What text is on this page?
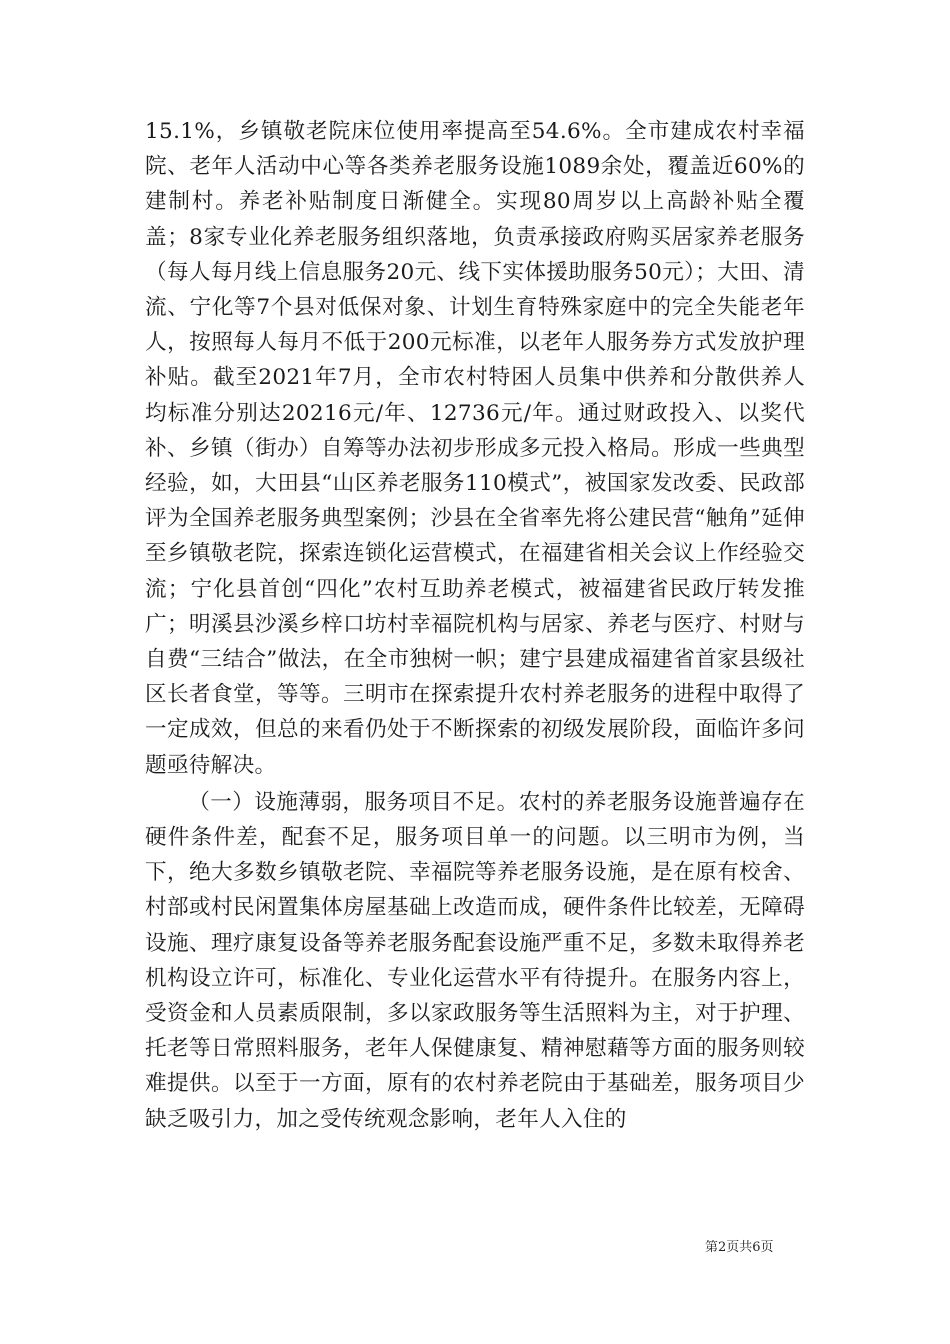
15.1%，乡镇敬老院床位使用率提高至54.6%。全市建成农村幸福院、老年人活动中心等各类养老服务设施1089余处，覆盖近60%的建制村。养老补贴制度日渐健全。实现80周岁以上高龄补贴全覆盖；8家专业化养老服务组织落地，负责承接政府购买居家养老服务（每人每月线上信息服务20元、线下实体援助服务50元）；大田、清流、宁化等7个县对低保对象、计划生育特殊家庭中的完全失能老年人，按照每人每月不低于200元标准，以老年人服务券方式发放护理补贴。截至2021年7月，全市农村特困人员集中供养和分散供养人均标准分别达20216元/年、12736元/年。通过财政投入、以奖代补、乡镇（街办）自筹等办法初步形成多元投入格局。形成一些典型经验，如，大田县“山区养老服务110模式”，被国家发改委、民政部评为全国养老服务典型案例；沙县在全省率先将公建民营“触角”延伸至乡镇敬老院，探索连锁化运营模式，在福建省相关会议上作经验交流；宁化县首创“四化”农村互助养老模式，被福建省民政厅转发推广；明溪县沙溪乡梓口坊村幸福院机构与居家、养老与医疗、村财与自费“三结合”做法，在全市独树一帜；建宁县建成福建省首家县级社区长者食堂，等等。三明市在探索提升农村养老服务的进程中取得了一定成效，但总的来看仍处于不断探索的初级发展阶段，面临许多问题亟待解决。

（一）设施薄弱，服务项目不足。农村的养老服务设施普遍存在硬件条件差，配套不足，服务项目单一的问题。以三明市为例，当下，绝大多数乡镇敬老院、幸福院等养老服务设施，是在原有校舍、村部或村民闲置集体房屋基础上改造而成，硬件条件比较差，无障碍设施、理疗康复设备等养老服务配套设施严重不足，多数未取得养老机构设立许可，标准化、专业化运营水平有待提升。在服务内容上，受资金和人员素质限制，多以家政服务等生活照料为主，对于护理、托老等日常照料服务，老年人保健康复、精神慰藉等方面的服务则较难提供。以至于一方面，原有的农村养老院由于基础差，服务项目少缺乏吸引力，加之受传统观念影响，老年人入住的

第2页共6页
